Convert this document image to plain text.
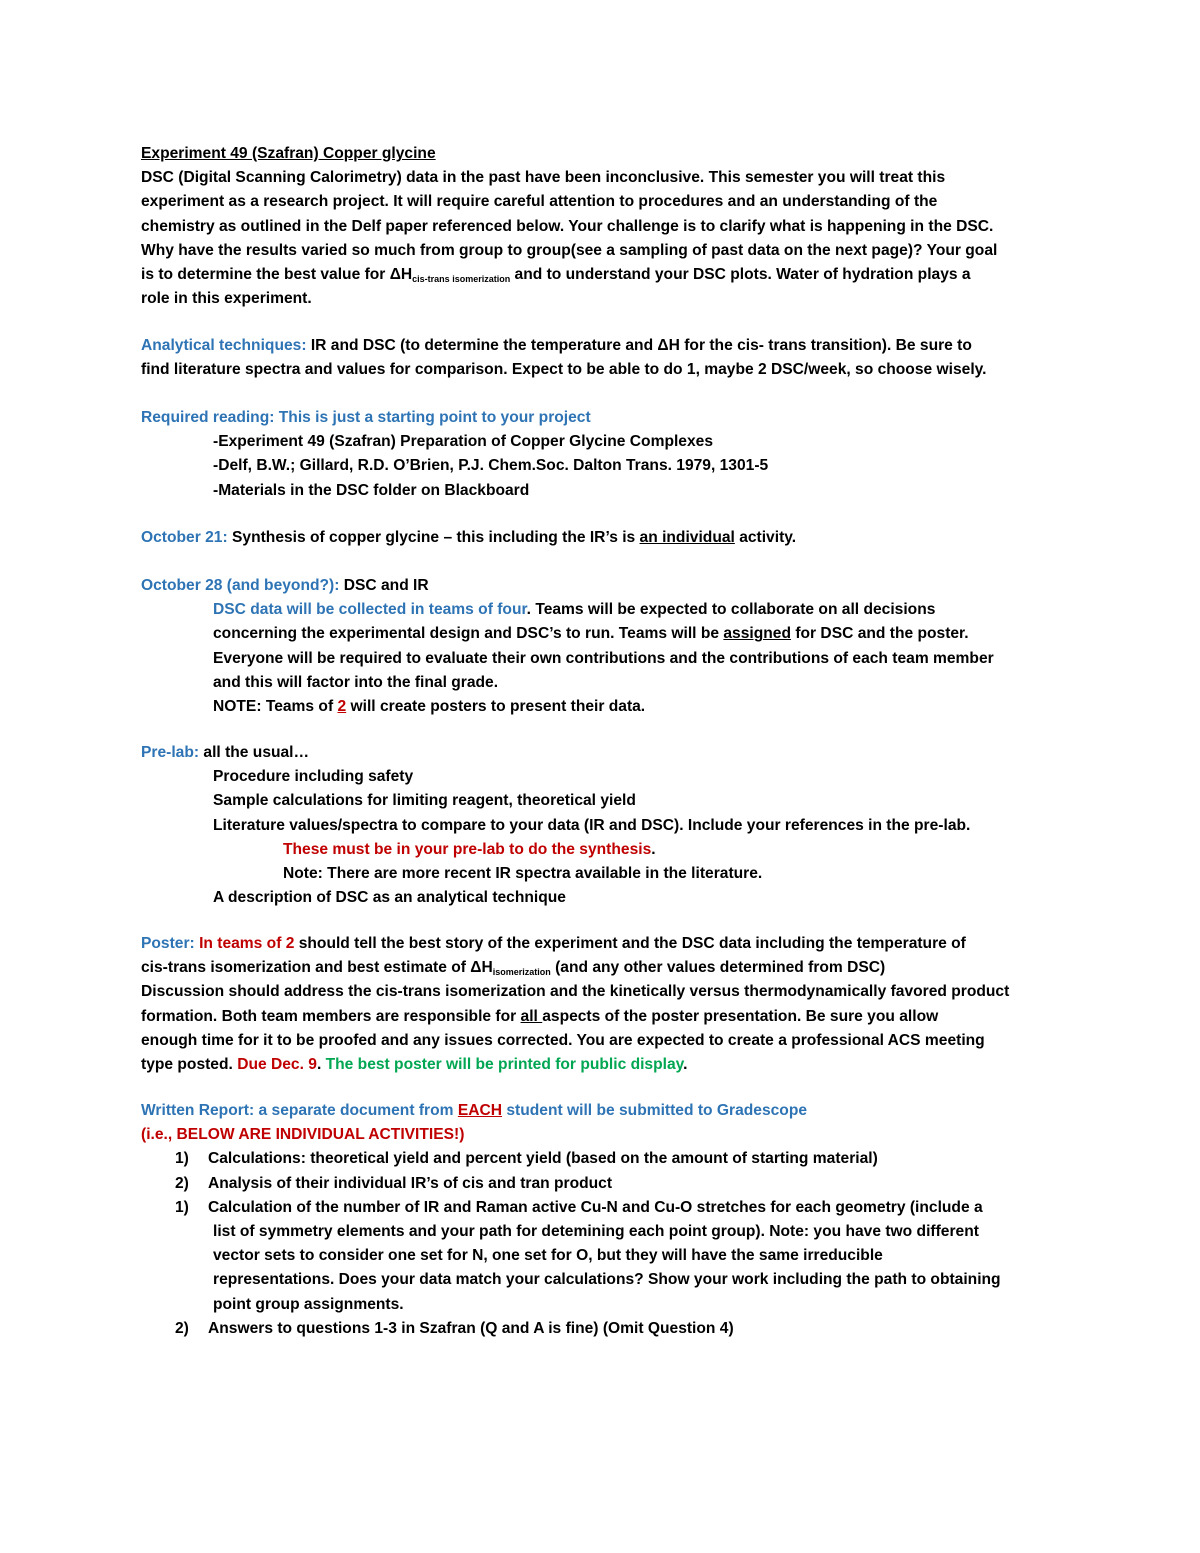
Experiment 49 (Szafran) Copper glycine
DSC (Digital Scanning Calorimetry) data in the past have been inconclusive. This semester you will treat this
experiment as a research project. It will require careful attention to procedures and an understanding of the
chemistry as outlined in the Delf paper referenced below. Your challenge is to clarify what is happening in the DSC.
Why have the results varied so much from group to group(see a sampling of past data on the next page)? Your goal
is to determine the best value for $\Delta H_{cis-trans isomerization}$ and to understand your DSC plots. Water of hydration plays a
role in this experiment.
Analytical techniques: IR and DSC (to determine the temperature and ΔH for the cis- trans transition). Be sure to
find literature spectra and values for comparison. Expect to be able to do 1, maybe 2 DSC/week, so choose wisely.
Required reading: This is just a starting point to your project
-Experiment 49 (Szafran) Preparation of Copper Glycine Complexes
-Delf, B.W.; Gillard, R.D. O’Brien, P.J. Chem.Soc. Dalton Trans. 1979, 1301-5
-Materials in the DSC folder on Blackboard
October 21: Synthesis of copper glycine – this including the IR’s is an individual activity.
October 28 (and beyond?): DSC and IR
DSC data will be collected in teams of four. Teams will be expected to collaborate on all decisions
concerning the experimental design and DSC’s to run. Teams will be assigned for DSC and the poster.
Everyone will be required to evaluate their own contributions and the contributions of each team member
and this will factor into the final grade.
NOTE: Teams of 2 will create posters to present their data.
Pre-lab: all the usual…
Procedure including safety
Sample calculations for limiting reagent, theoretical yield
Literature values/spectra to compare to your data (IR and DSC). Include your references in the pre-lab.
These must be in your pre-lab to do the synthesis.
Note: There are more recent IR spectra available in the literature.
A description of DSC as an analytical technique
Poster: In teams of 2 should tell the best story of the experiment and the DSC data including the temperature of
cis-trans isomerization and best estimate of $\Delta H_{isomerization}$ (and any other values determined from DSC)
Discussion should address the cis-trans isomerization and the kinetically versus thermodynamically favored product
formation. Both team members are responsible for all aspects of the poster presentation. Be sure you allow
enough time for it to be proofed and any issues corrected. You are expected to create a professional ACS meeting
type posted. Due Dec. 9. The best poster will be printed for public display.
Written Report: a separate document from EACH student will be submitted to Gradescope
(i.e., BELOW ARE INDIVIDUAL ACTIVITIES!)
1) Calculations: theoretical yield and percent yield (based on the amount of starting material)
2) Analysis of their individual IR’s of cis and tran product
1) Calculation of the number of IR and Raman active Cu-N and Cu-O stretches for each geometry (include a
list of symmetry elements and your path for detemining each point group). Note: you have two different
vector sets to consider one set for N, one set for O, but they will have the same irreducible
representations. Does your data match your calculations? Show your work including the path to obtaining
point group assignments.
2) Answers to questions 1-3 in Szafran (Q and A is fine) (Omit Question 4)
